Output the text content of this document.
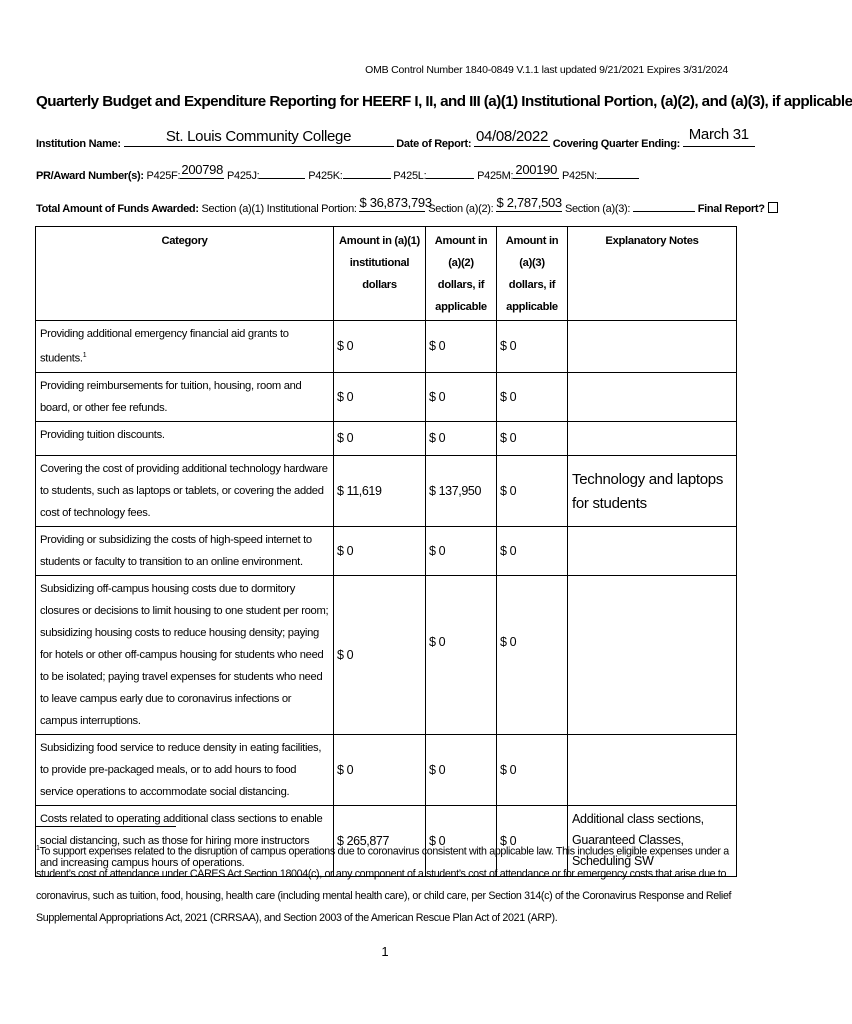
OMB Control Number 1840-0849 V.1.1 last updated 9/21/2021 Expires 3/31/2024
Quarterly Budget and Expenditure Reporting for HEERF I, II, and III (a)(1) Institutional Portion, (a)(2), and (a)(3), if applicable
Institution Name:	St. Louis Community College	Date of Report: 04/08/2022 Covering Quarter Ending:
March 31
PR/Award Number(s): P425F: 200798 P425J:	P425K:	P425L:	P425M: 200190 P425N:
Total Amount of Funds Awarded: Section (a)(1) Institutional Portion: $ 36,873,793
Section (a)(2): $ 2,787,503 Section (a)(3):	Final Report?
Category	Amount in (a)(1) institutional dollars	Amount in (a)(2) dollars, if applicable	Amount in (a)(3) dollars, if applicable	Explanatory Notes
Providing additional emergency financial aid grants to students.$^1$	$ 0	$ 0	$ 0	
Providing reimbursements for tuition, housing, room and board, or other fee refunds.	$ 0	$ 0	$ 0	
Providing tuition discounts.	$ 0	$ 0	$ 0	
Covering the cost of providing additional technology hardware to students, such as laptops or tablets, or covering the added cost of technology fees.	$ 11,619	$ 137,950	$ 0	Technology and laptops for students
Providing or subsidizing the costs of high-speed internet to students or faculty to transition to an online environment.	$ 0	$ 0	$ 0	
Subsidizing off-campus housing costs due to dormitory closures or decisions to limit housing to one student per room; subsidizing housing costs to reduce housing density; paying for hotels or other off-campus housing for students who need to be isolated; paying travel expenses for students who need to leave campus early due to coronavirus infections or campus interruptions.	$ 0	$ 0	$ 0	
Subsidizing food service to reduce density in eating facilities, to provide pre-packaged meals, or to add hours to food service operations to accommodate social distancing.	$ 0	$ 0	$ 0	
Costs related to operating additional class sections to enable social distancing, such as those for hiring more instructors and increasing campus hours of operations.	$ 265,877	$ 0	$ 0	Additional class sections, Guaranteed Classes, Scheduling SW
$^1$To support expenses related to the disruption of campus operations due to coronavirus consistent with applicable law. This includes eligible expenses under a student’s cost of attendance under CARES Act Section 18004(c), or any component of a student’s cost of attendance or for emergency costs that arise due to coronavirus, such as tuition, food, housing, health care (including mental health care), or child care, per Section 314(c) of the Coronavirus Response and Relief Supplemental Appropriations Act, 2021 (CRRSAA), and Section 2003 of the American Rescue Plan Act of 2021 (ARP).
1
